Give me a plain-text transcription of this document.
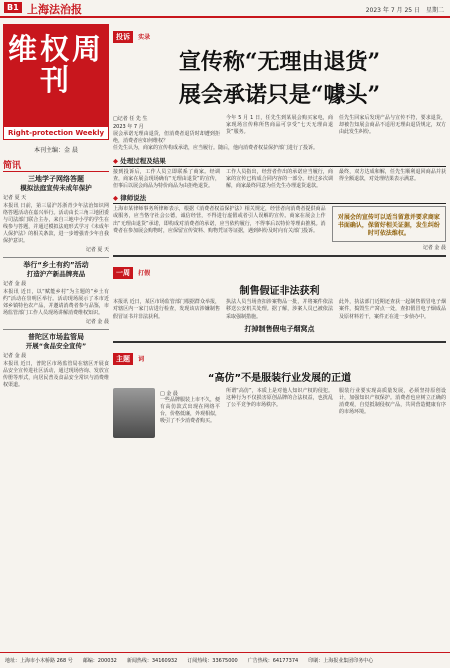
B1 上海法治报	2023 年 7 月 25 日　星期二
维权周刊
Right-protection Weekly
本刊主编：金 晨
简讯
三地学子网络答题
模拟法庭宣传未成年保护
记者 夏 天
本报讯 日前，第三届沪苏浙青少年法治知识网络答题活动在嘉兴举行。活动由长三角三地团委与司法部门联合主办，来自三地中小学的学生在线参与答题，并通过模拟法庭形式学习《未成年人保护法》的相关条款，进一步增强青少年自我保护意识。
记者 夏 天
举行“乡土有约”活动
打造沪产新品牌亮品
记者 金 晨
本报讯 近日，以“赋能乡村”为主题的“乡土有约”活动在崇明区举行。活动现场展示了本市近郊乡镇特色农产品，并邀请消费者参与品鉴，市场监管部门工作人员现场讲解消费维权知识。
记者 金 晨
普陀区市场监管局
开展“食品安全宣传”
记者 金 晨
本报讯 近日，普陀区市场监管局在辖区开展食品安全宣传进社区活动，通过现场咨询、发放宣传册等形式，向居民普及食品安全常识与消费维权渠道。
投诉 实录
宣传称“无理由退货”
展会承诺只是“噱头”
□记者 任 先 生
2023 年 7 月
展会承诺无理由退货，但消费者退货时却遭到拒绝，消费者应如何维权？
今年 5 月 1 日，任先生到某展会购买家电，商家现场宣传称所售商品可享受“七天无理由退货”服务。
任先生回家后发现产品与宣传不符，要求退货，却被告知展会商品不适用无理由退货规定，双方由此发生纠纷。
任先生认为，商家的宣传构成承诺，应当履行。随后，他向消费者权益保护部门进行了投诉。
◆ 处理过程及结果
接到投诉后，工作人员立即联系了商家。经调查，商家在展会现场确有“无理由退货”的宣传，但事后以展会商品为特价商品为由拒绝退货。
工作人员指出，经营者作出的承诺应当履行，商家的宣传已构成合同内容的一部分。经过多次调解，商家最终同意为任先生办理退货退款。
最终，双方达成和解，任先生顺利退回商品并获得全额退款，对处理结果表示满意。
◆ 律师说法
上海市某律师事务所律师表示，根据《消费者权益保护法》相关规定，经营者向消费者提供商品或服务，应当恪守社会公德，诚信经营，不得进行虚假或者引人误解的宣传。商家在展会上作出“无理由退货”承诺，即构成对消费者的承诺，应当依约履行，不得事后以特价等理由推脱。消费者在参加展会购物时，应保留宣传资料、购物凭证等证据，遇到纠纷及时向有关部门投诉。
对展会的宣传可以适当留意并要求商家书面确认，保留好相关证据，发生纠纷时可依法维权。
记者 金 晨
一周 打假
制售假证非法获利
本报讯 近日，某区市场监管部门根据群众举报，对辖区内一家门店进行检查，发现该店涉嫌制售假冒证书并非法获利。
执法人员当场查扣涉案物品一批，并将案件依法移送公安机关处理。据了解，涉案人员已被依法采取强制措施。
打掉制售假电子烟窝点
此外，执法部门近期还查获一起制售假冒电子烟案件，捣毁生产窝点一处，查扣假冒电子烟成品及原材料若干，案件正在进一步侦办中。
主题 词
“高仿”不是服装行业发展的正道
□ 金 晨
一些品牌服装上市不久，便有高仿款式出现在网络平台，价格低廉，外观相似，吸引了不少消费者购买。
所谓“高仿”，本质上是对他人知识产权的侵犯。这种行为不仅损害原创品牌的合法权益，也扰乱了公平竞争的市场秩序。
服装行业要实现高质量发展，必须坚持原创设计，加强知识产权保护。消费者也应树立正确的消费观，自觉抵制侵权产品，共同营造健康有序的市场环境。
地址：上海市小木桥路 268 号 邮编：200032 新闻热线：34160932 订阅热线：33675000 广告热线：64177374 印刷：上海报业集团印务中心
